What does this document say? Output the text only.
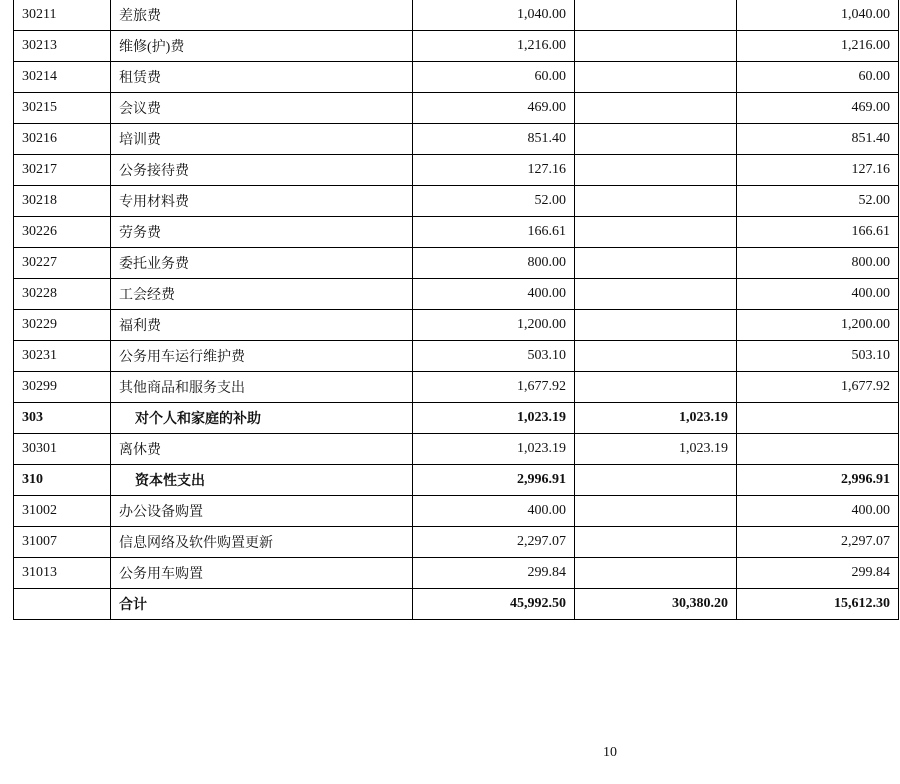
30211	差旅费	1,040.00		1,040.00
30213	维修(护)费	1,216.00		1,216.00
30214	租赁费	60.00		60.00
30215	会议费	469.00		469.00
30216	培训费	851.40		851.40
30217	公务接待费	127.16		127.16
30218	专用材料费	52.00		52.00
30226	劳务费	166.61		166.61
30227	委托业务费	800.00		800.00
30228	工会经费	400.00		400.00
30229	福利费	1,200.00		1,200.00
30231	公务用车运行维护费	503.10		503.10
30299	其他商品和服务支出	1,677.92		1,677.92
303	对个人和家庭的补助	1,023.19	1,023.19	
30301	离休费	1,023.19	1,023.19	
310	资本性支出	2,996.91		2,996.91
31002	办公设备购置	400.00		400.00
31007	信息网络及软件购置更新	2,297.07		2,297.07
31013	公务用车购置	299.84		299.84
	合计	45,992.50	30,380.20	15,612.30
10
